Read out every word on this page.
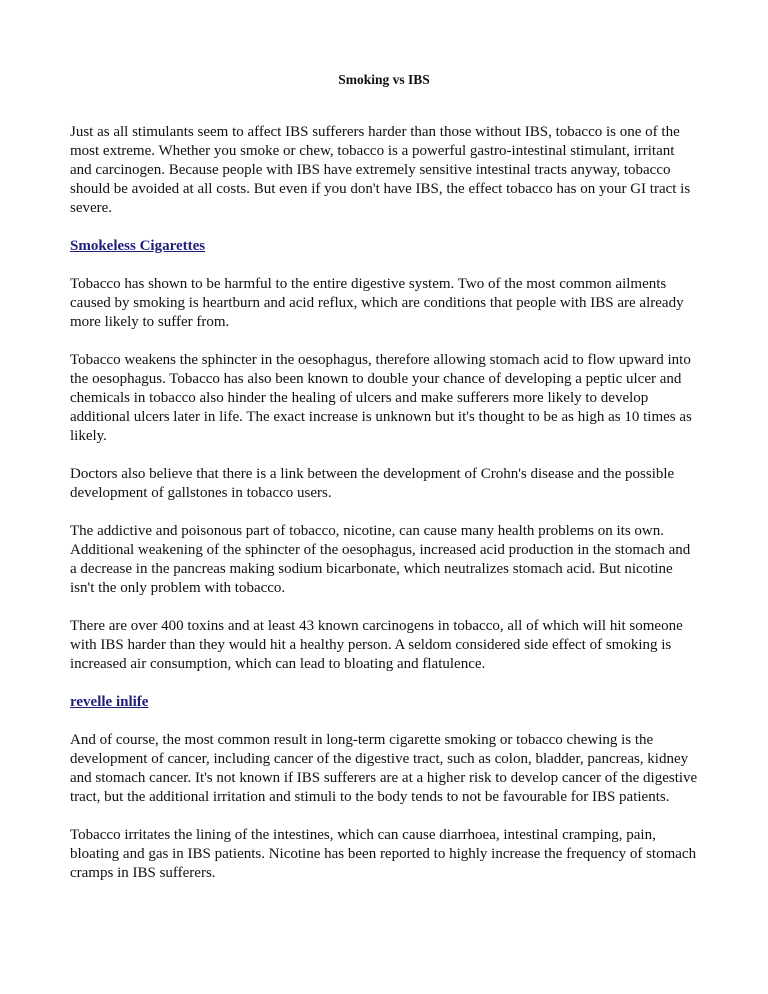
Smoking vs IBS

Just as all stimulants seem to affect IBS sufferers harder than those without IBS, tobacco is one of the most extreme. Whether you smoke or chew, tobacco is a powerful gastro-intestinal stimulant, irritant and carcinogen. Because people with IBS have extremely sensitive intestinal tracts anyway, tobacco should be avoided at all costs. But even if you don't have IBS, the effect tobacco has on your GI tract is severe.

Smokeless Cigarettes

Tobacco has shown to be harmful to the entire digestive system. Two of the most common ailments caused by smoking is heartburn and acid reflux, which are conditions that people with IBS are already more likely to suffer from.

Tobacco weakens the sphincter in the oesophagus, therefore allowing stomach acid to flow upward into the oesophagus. Tobacco has also been known to double your chance of developing a peptic ulcer and chemicals in tobacco also hinder the healing of ulcers and make sufferers more likely to develop additional ulcers later in life. The exact increase is unknown but it's thought to be as high as 10 times as likely.

Doctors also believe that there is a link between the development of Crohn's disease and the possible development of gallstones in tobacco users.

The addictive and poisonous part of tobacco, nicotine, can cause many health problems on its own. Additional weakening of the sphincter of the oesophagus, increased acid production in the stomach and a decrease in the pancreas making sodium bicarbonate, which neutralizes stomach acid. But nicotine isn't the only problem with tobacco.

There are over 400 toxins and at least 43 known carcinogens in tobacco, all of which will hit someone with IBS harder than they would hit a healthy person. A seldom considered side effect of smoking is increased air consumption, which can lead to bloating and flatulence.

revelle inlife

And of course, the most common result in long-term cigarette smoking or tobacco chewing is the development of cancer, including cancer of the digestive tract, such as colon, bladder, pancreas, kidney and stomach cancer. It's not known if IBS sufferers are at a higher risk to develop cancer of the digestive tract, but the additional irritation and stimuli to the body tends to not be favourable for IBS patients.

Tobacco irritates the lining of the intestines, which can cause diarrhoea, intestinal cramping, pain, bloating and gas in IBS patients. Nicotine has been reported to highly increase the frequency of stomach cramps in IBS sufferers.
